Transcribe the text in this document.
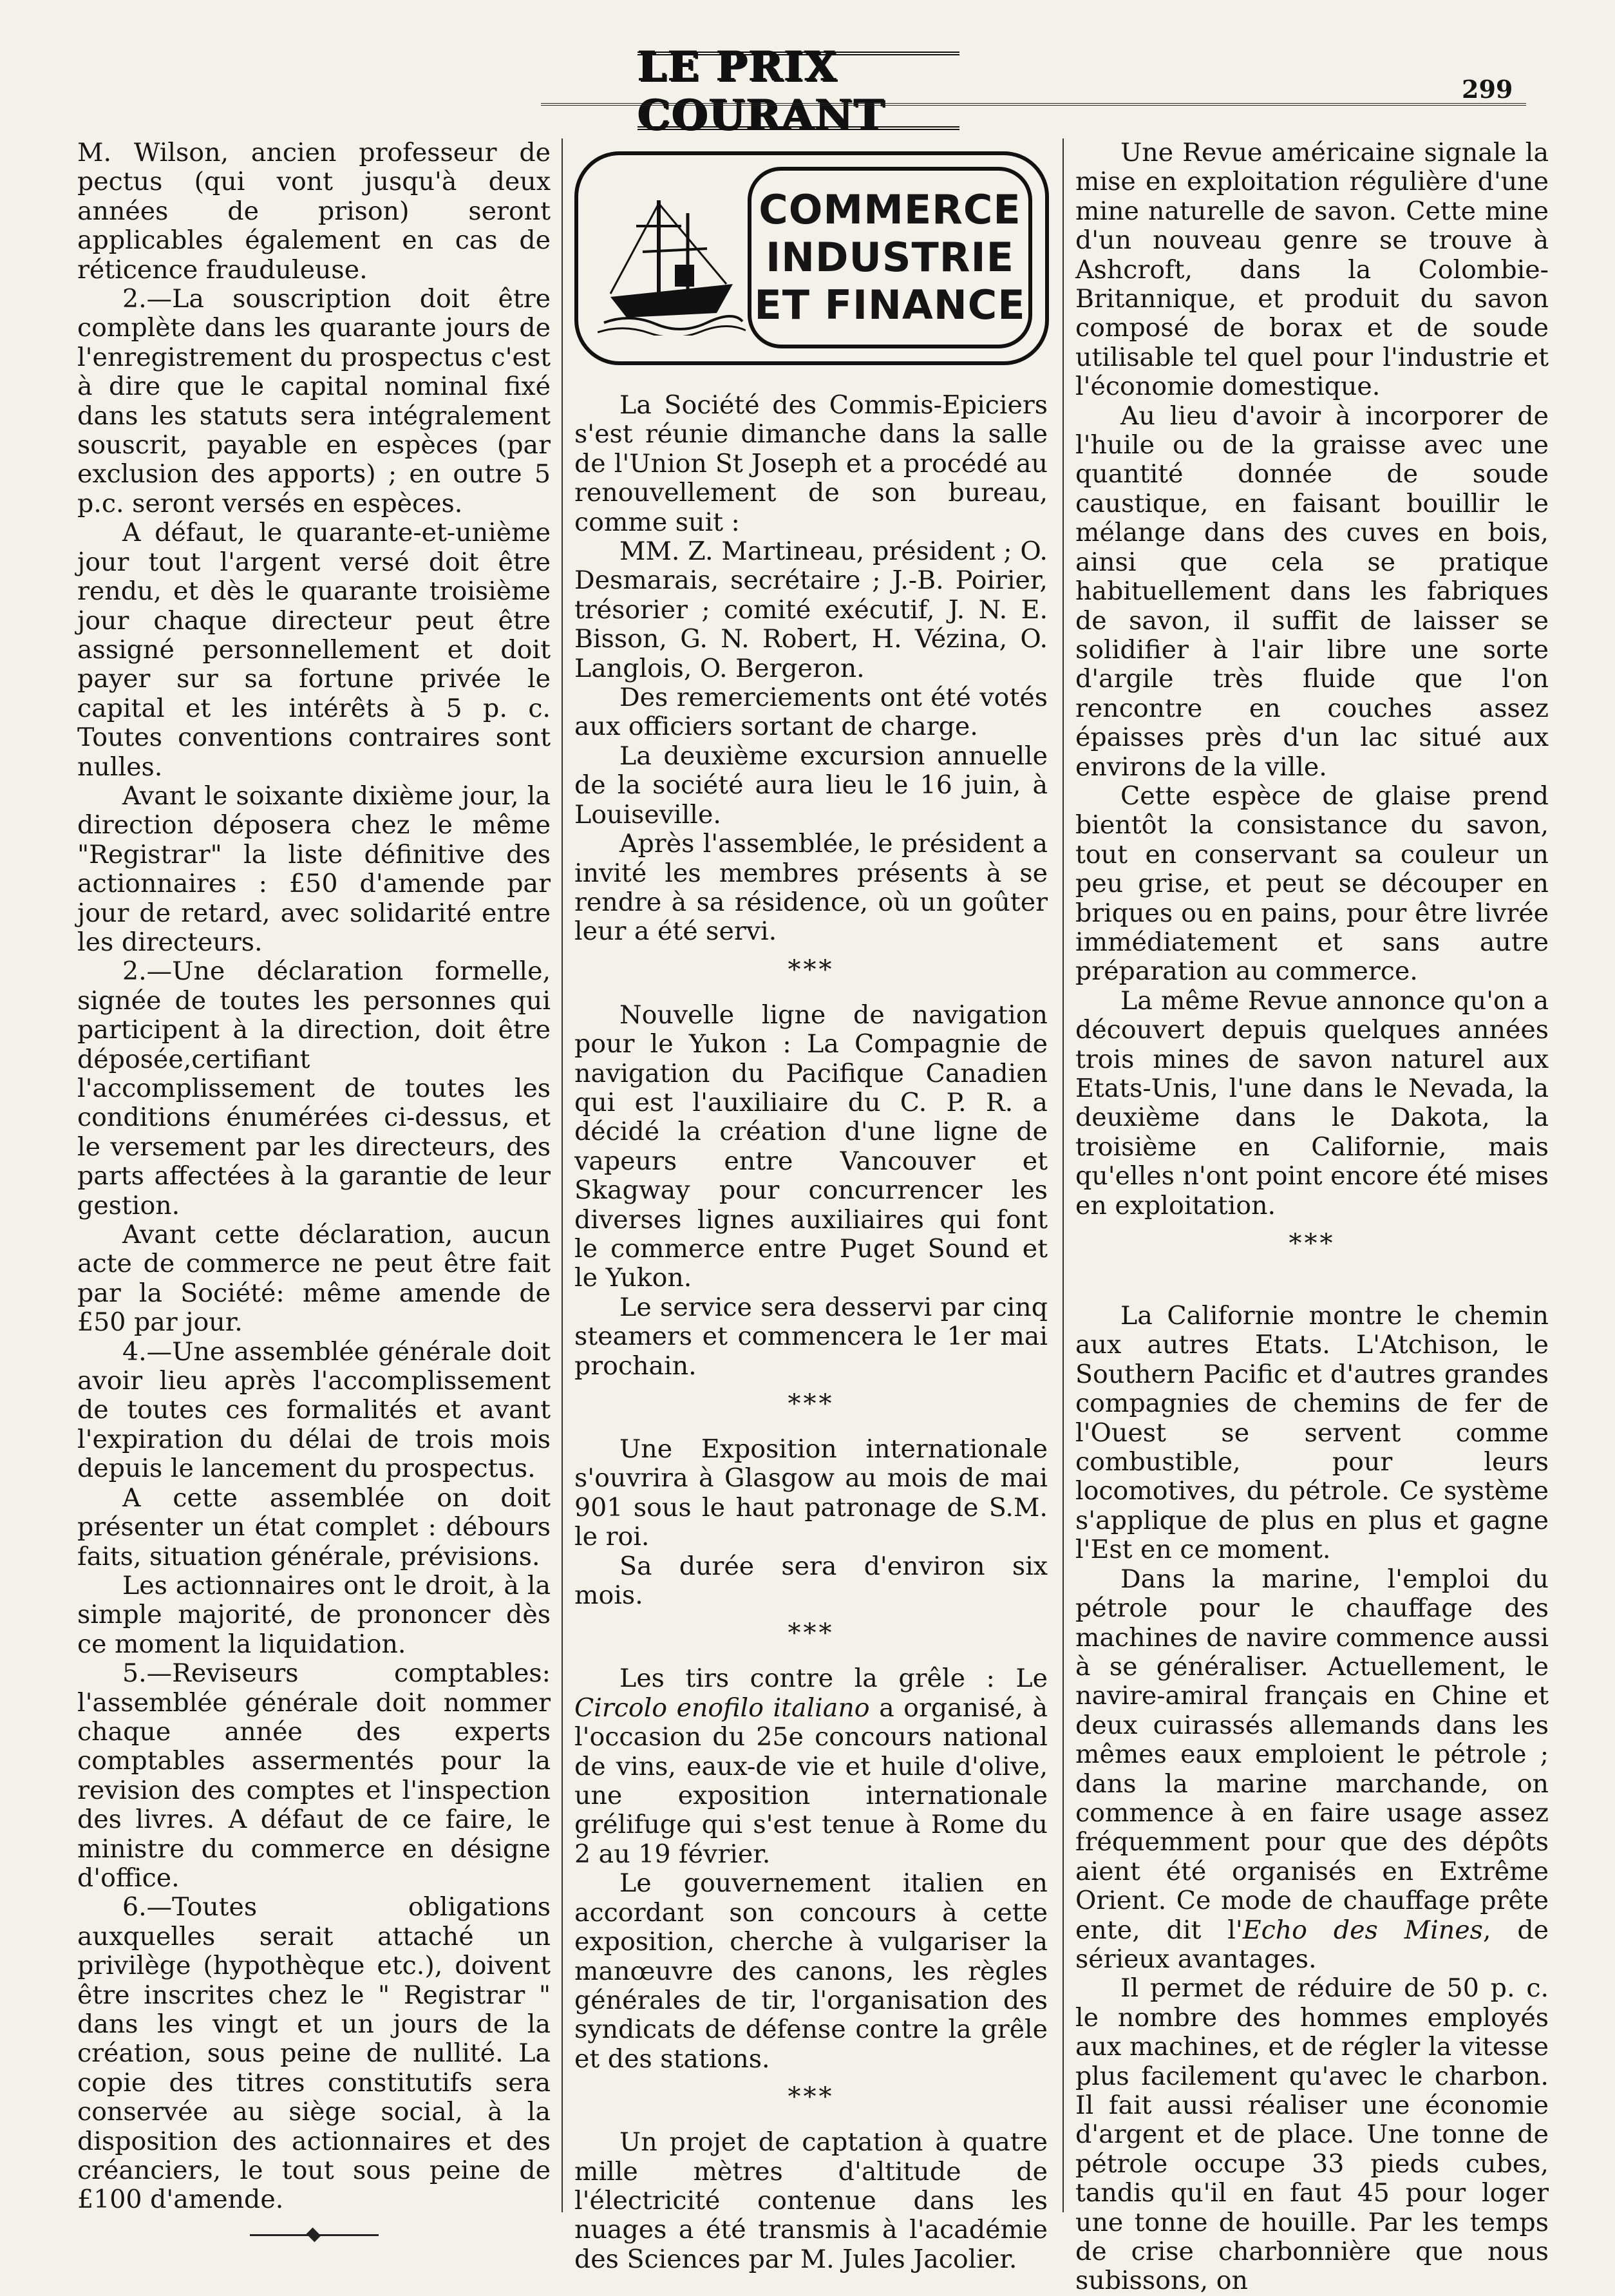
LE PRIX COURANT
299

M. Wilson, ancien professeur de pectus (qui vont jusqu'à deux années de prison) seront applicables également en cas de réticence frauduleuse.

2.—La souscription doit être complète dans les quarante jours de l'enregistrement du prospectus c'est à dire que le capital nominal fixé dans les statuts sera intégralement souscrit, payable en espèces (par exclusion des apports) ; en outre 5 p.c. seront versés en espèces.

A défaut, le quarante-et-unième jour tout l'argent versé doit être rendu, et dès le quarante troisième jour chaque directeur peut être assigné personnellement et doit payer sur sa fortune privée le capital et les intérêts à 5 p. c. Toutes conventions contraires sont nulles.

Avant le soixante dixième jour, la direction déposera chez le même "Registrar" la liste définitive des actionnaires : £50 d'amende par jour de retard, avec solidarité entre les directeurs.

2.—Une déclaration formelle, signée de toutes les personnes qui participent à la direction, doit être déposée,certifiant l'accomplissement de toutes les conditions énumérées ci-dessus, et le versement par les directeurs, des parts affectées à la garantie de leur gestion.

Avant cette déclaration, aucun acte de commerce ne peut être fait par la Société: même amende de £50 par jour.

4.—Une assemblée générale doit avoir lieu après l'accomplissement de toutes ces formalités et avant l'expiration du délai de trois mois depuis le lancement du prospectus.

A cette assemblée on doit présenter un état complet : débours faits, situation générale, prévisions.

Les actionnaires ont le droit, à la simple majorité, de prononcer dès ce moment la liquidation.

5.—Reviseurs comptables: l'assemblée générale doit nommer chaque année des experts comptables assermentés pour la revision des comptes et l'inspection des livres. A défaut de ce faire, le ministre du commerce en désigne d'office.

6.—Toutes obligations auxquelles serait attaché un privilège (hypothèque etc.), doivent être inscrites chez le " Registrar " dans les vingt et un jours de la création, sous peine de nullité. La copie des titres constitutifs sera conservée au siège social, à la disposition des actionnaires et des créanciers, le tout sous peine de £100 d'amende.

COMMERCE
INDUSTRIE
ET FINANCE

La Société des Commis-Epiciers s'est réunie dimanche dans la salle de l'Union St Joseph et a procédé au renouvellement de son bureau, comme suit :

MM. Z. Martineau, président ; O. Desmarais, secrétaire ; J.-B. Poirier, trésorier ; comité exécutif, J. N. E. Bisson, G. N. Robert, H. Vézina, O. Langlois, O. Bergeron.

Des remerciements ont été votés aux officiers sortant de charge.

La deuxième excursion annuelle de la société aura lieu le 16 juin, à Louiseville.

Après l'assemblée, le président a invité les membres présents à se rendre à sa résidence, où un goûter leur a été servi.

***

Nouvelle ligne de navigation pour le Yukon : La Compagnie de navigation du Pacifique Canadien qui est l'auxiliaire du C. P. R. a décidé la création d'une ligne de vapeurs entre Vancouver et Skagway pour concurrencer les diverses lignes auxiliaires qui font le commerce entre Puget Sound et le Yukon.

Le service sera desservi par cinq steamers et commencera le 1er mai prochain.

***

Une Exposition internationale s'ouvrira à Glasgow au mois de mai 901 sous le haut patronage de S.M. le roi.

Sa durée sera d'environ six mois.

***

Les tirs contre la grêle : Le Circolo enofilo italiano a organisé, à l'occasion du 25e concours national de vins, eaux-de vie et huile d'olive, une exposition internationale grélifuge qui s'est tenue à Rome du 2 au 19 février.

Le gouvernement italien en accordant son concours à cette exposition, cherche à vulgariser la manœuvre des canons, les règles générales de tir, l'organisation des syndicats de défense contre la grêle et des stations.

***

Un projet de captation à quatre mille mètres d'altitude de l'électricité contenue dans les nuages a été transmis à l'académie des Sciences par M. Jules Jacolier.

Une Revue américaine signale la mise en exploitation régulière d'une mine naturelle de savon. Cette mine d'un nouveau genre se trouve à Ashcroft, dans la Colombie-Britannique, et produit du savon composé de borax et de soude utilisable tel quel pour l'industrie et l'économie domestique.

Au lieu d'avoir à incorporer de l'huile ou de la graisse avec une quantité donnée de soude caustique, en faisant bouillir le mélange dans des cuves en bois, ainsi que cela se pratique habituellement dans les fabriques de savon, il suffit de laisser se solidifier à l'air libre une sorte d'argile très fluide que l'on rencontre en couches assez épaisses près d'un lac situé aux environs de la ville.

Cette espèce de glaise prend bientôt la consistance du savon, tout en conservant sa couleur un peu grise, et peut se découper en briques ou en pains, pour être livrée immédiatement et sans autre préparation au commerce.

La même Revue annonce qu'on a découvert depuis quelques années trois mines de savon naturel aux Etats-Unis, l'une dans le Nevada, la deuxième dans le Dakota, la troisième en Californie, mais qu'elles n'ont point encore été mises en exploitation.

***

La Californie montre le chemin aux autres Etats. L'Atchison, le Southern Pacific et d'autres grandes compagnies de chemins de fer de l'Ouest se servent comme combustible, pour leurs locomotives, du pétrole. Ce système s'applique de plus en plus et gagne l'Est en ce moment.

Dans la marine, l'emploi du pétrole pour le chauffage des machines de navire commence aussi à se généraliser. Actuellement, le navire-amiral français en Chine et deux cuirassés allemands dans les mêmes eaux emploient le pétrole ; dans la marine marchande, on commence à en faire usage assez fréquemment pour que des dépôts aient été organisés en Extrême Orient. Ce mode de chauffage prête ente, dit l'Echo des Mines, de sérieux avantages.

Il permet de réduire de 50 p. c. le nombre des hommes employés aux machines, et de régler la vitesse plus facilement qu'avec le charbon. Il fait aussi réaliser une économie d'argent et de place. Une tonne de pétrole occupe 33 pieds cubes, tandis qu'il en faut 45 pour loger une tonne de houille. Par les temps de crise charbonnière que nous subissons, on
